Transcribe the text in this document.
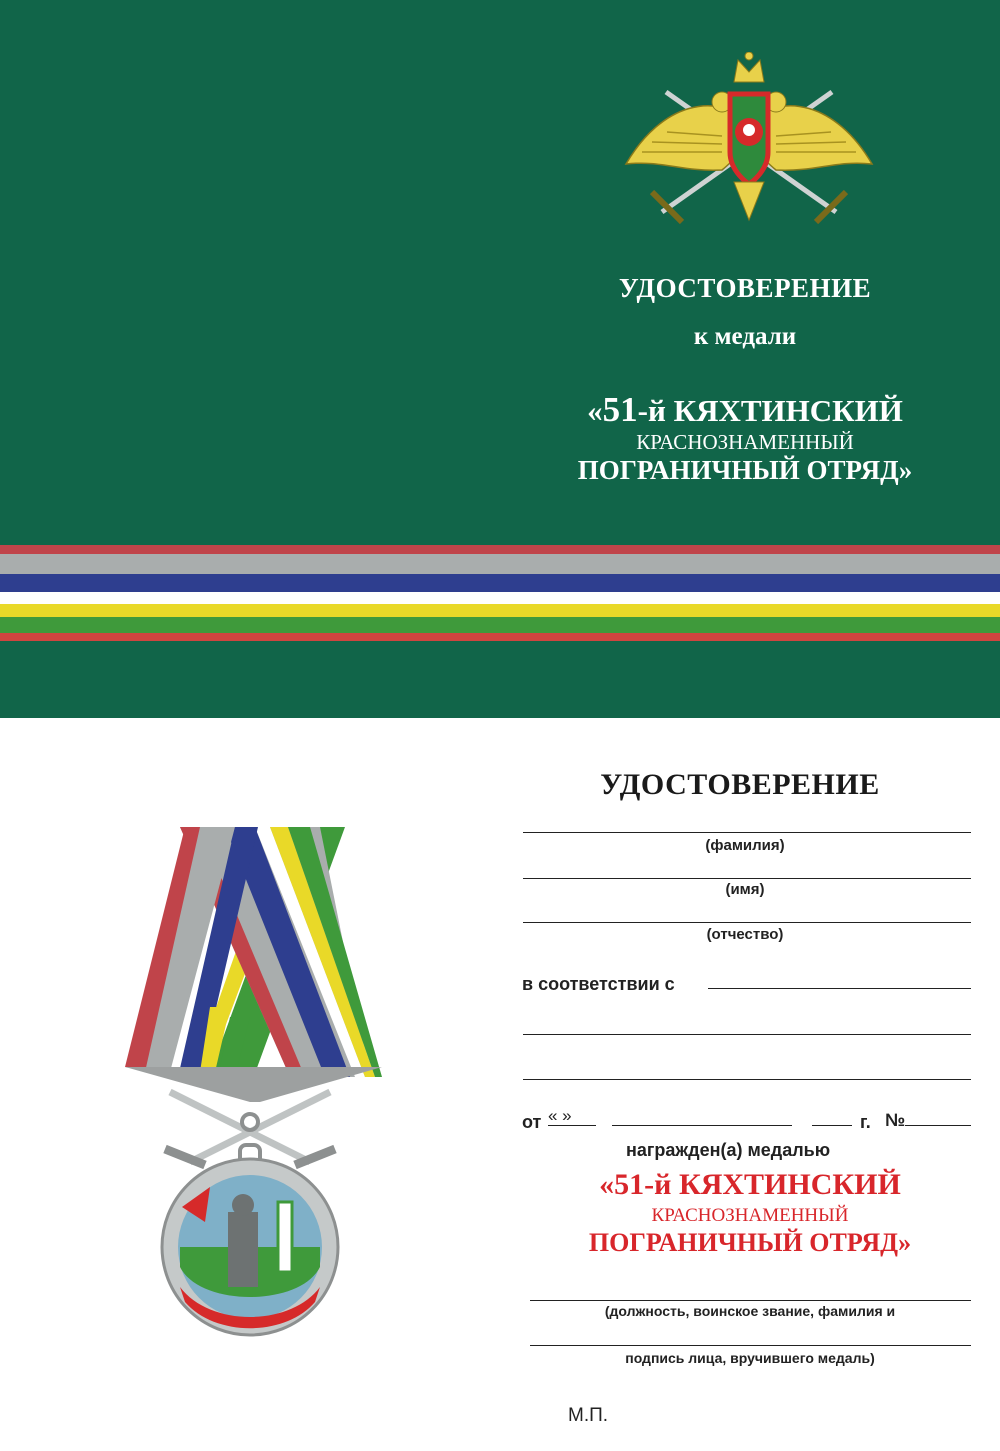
УДОСТОВЕРЕНИЕ
к медали
«51-й КЯХТИНСКИЙ
КРАСНОЗНАМЕННЫЙ
ПОГРАНИЧНЫЙ ОТРЯД»
УДОСТОВЕРЕНИЕ
(фамилия)
(имя)
(отчество)
в соответствии с
от « »	г. №
награжден(а) медалью
«51-й КЯХТИНСКИЙ
КРАСНОЗНАМЕННЫЙ
ПОГРАНИЧНЫЙ ОТРЯД»
(должность, воинское звание, фамилия и
подпись лица, вручившего медаль)
М.П.
